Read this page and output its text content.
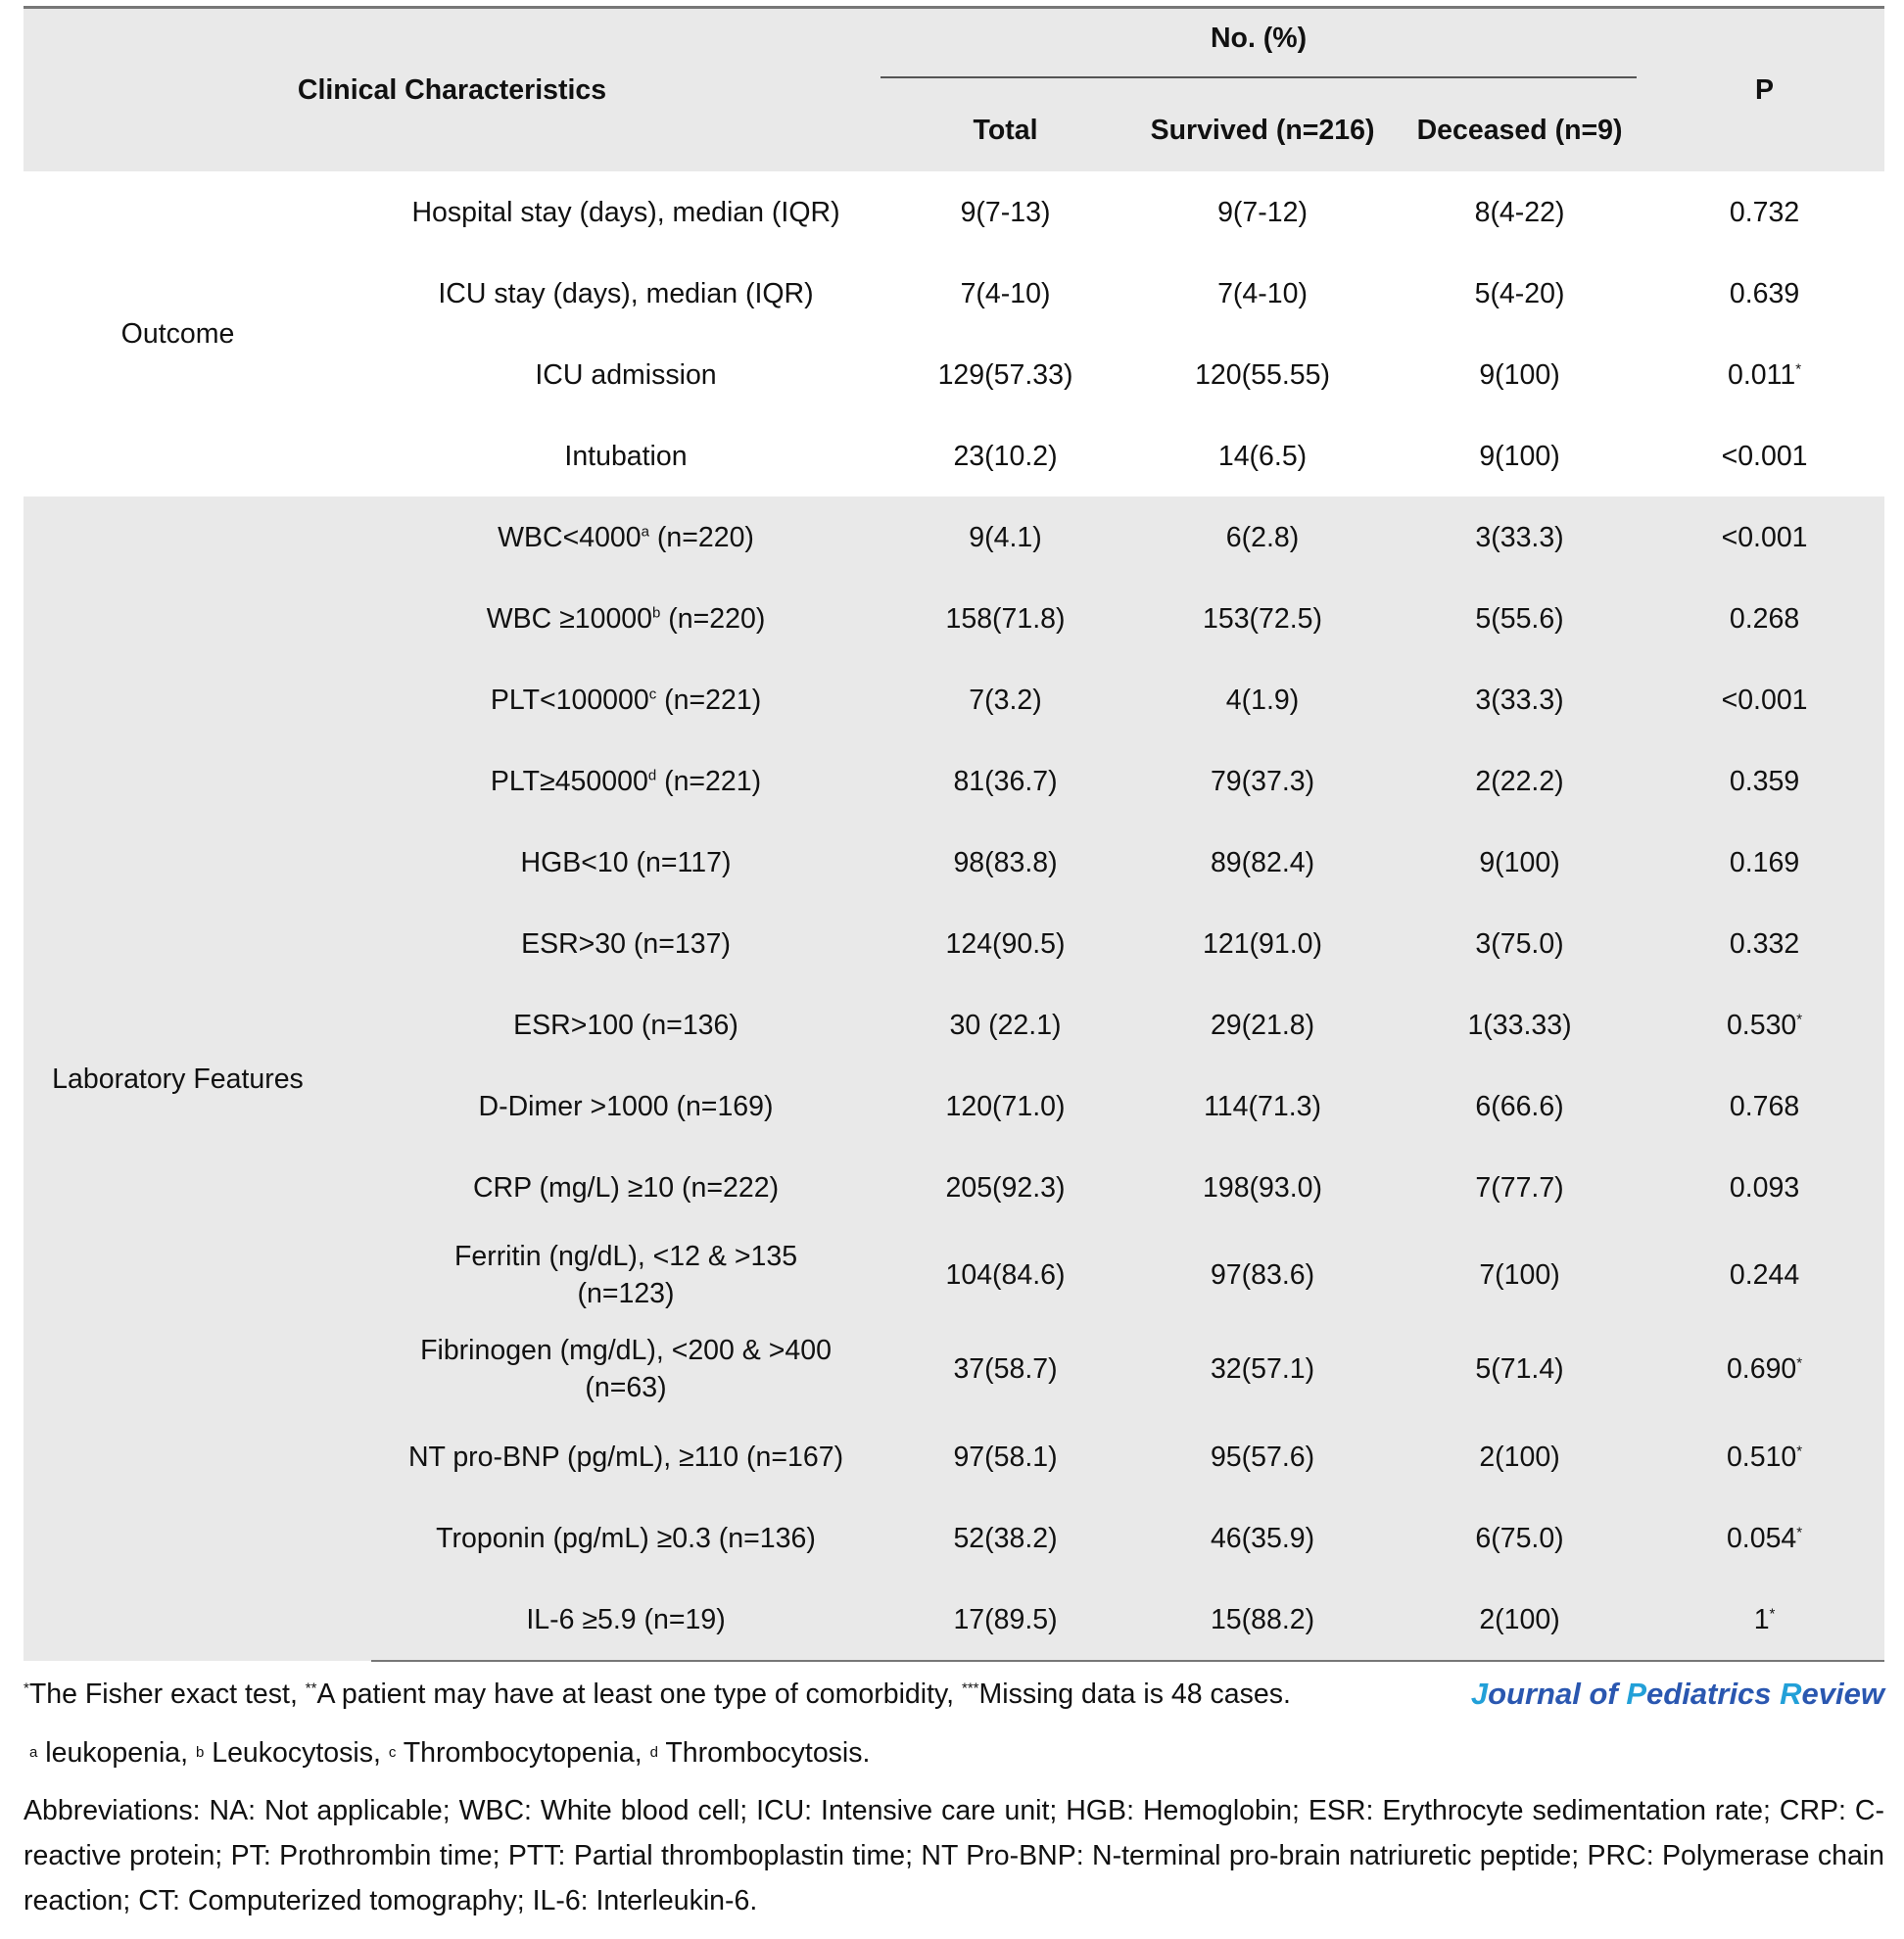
Clinical Characteristics		No. (%)			P
		Total	Survived (n=216)	Deceased (n=9)	
Outcome	Hospital stay (days), median (IQR)	9(7-13)	9(7-12)	8(4-22)	0.732
	ICU stay (days), median (IQR)	7(4-10)	7(4-10)	5(4-20)	0.639
	ICU admission	129(57.33)	120(55.55)	9(100)	0.011*
	Intubation	23(10.2)	14(6.5)	9(100)	<0.001
Laboratory Features	$WBC<4000^a$ (n=220)	9(4.1)	6(2.8)	3(33.3)	<0.001
	WBC $\ge 10000^b$ (n=220)	158(71.8)	153(72.5)	5(55.6)	0.268
	$PLT<100000^c$ (n=221)	7(3.2)	4(1.9)	3(33.3)	<0.001
	$PLT\ge 450000^d$ (n=221)	81(36.7)	79(37.3)	2(22.2)	0.359
	HGB<10 (n=117)	98(83.8)	89(82.4)	9(100)	0.169
	ESR>30 (n=137)	124(90.5)	121(91.0)	3(75.0)	0.332
	ESR>100 (n=136)	30 (22.1)	29(21.8)	1(33.33)	0.530*
	D-Dimer >1000 (n=169)	120(71.0)	114(71.3)	6(66.6)	0.768
	CRP (mg/L) ≥10 (n=222)	205(92.3)	198(93.0)	7(77.7)	0.093
	Ferritin (ng/dL), <12 & >135
(n=123)	104(84.6)	97(83.6)	7(100)	0.244
	Fibrinogen (mg/dL), <200 & >400
(n=63)	37(58.7)	32(57.1)	5(71.4)	0.690*
	NT pro-BNP (pg/mL), ≥110 (n=167)	97(58.1)	95(57.6)	2(100)	0.510*
	Troponin (pg/mL) ≥0.3 (n=136)	52(38.2)	46(35.9)	6(75.0)	0.054*
	IL-6 ≥5.9 (n=19)	17(89.5)	15(88.2)	2(100)	1*
*The Fisher exact test, **A patient may have at least one type of comorbidity, ***Missing data is 48 cases.	Journal of Pediatrics Review
a leukopenia, b Leukocytosis, c Thrombocytopenia, d Thrombocytosis.
Abbreviations: NA: Not applicable; WBC: White blood cell; ICU: Intensive care unit; HGB: Hemoglobin; ESR: Erythrocyte sedimentation rate; CRP: C-reactive protein; PT: Prothrombin time; PTT: Partial thromboplastin time; NT Pro-BNP: N-terminal pro-brain natriuretic peptide; PRC: Polymerase chain reaction; CT: Computerized tomography; IL-6: Interleukin-6.
